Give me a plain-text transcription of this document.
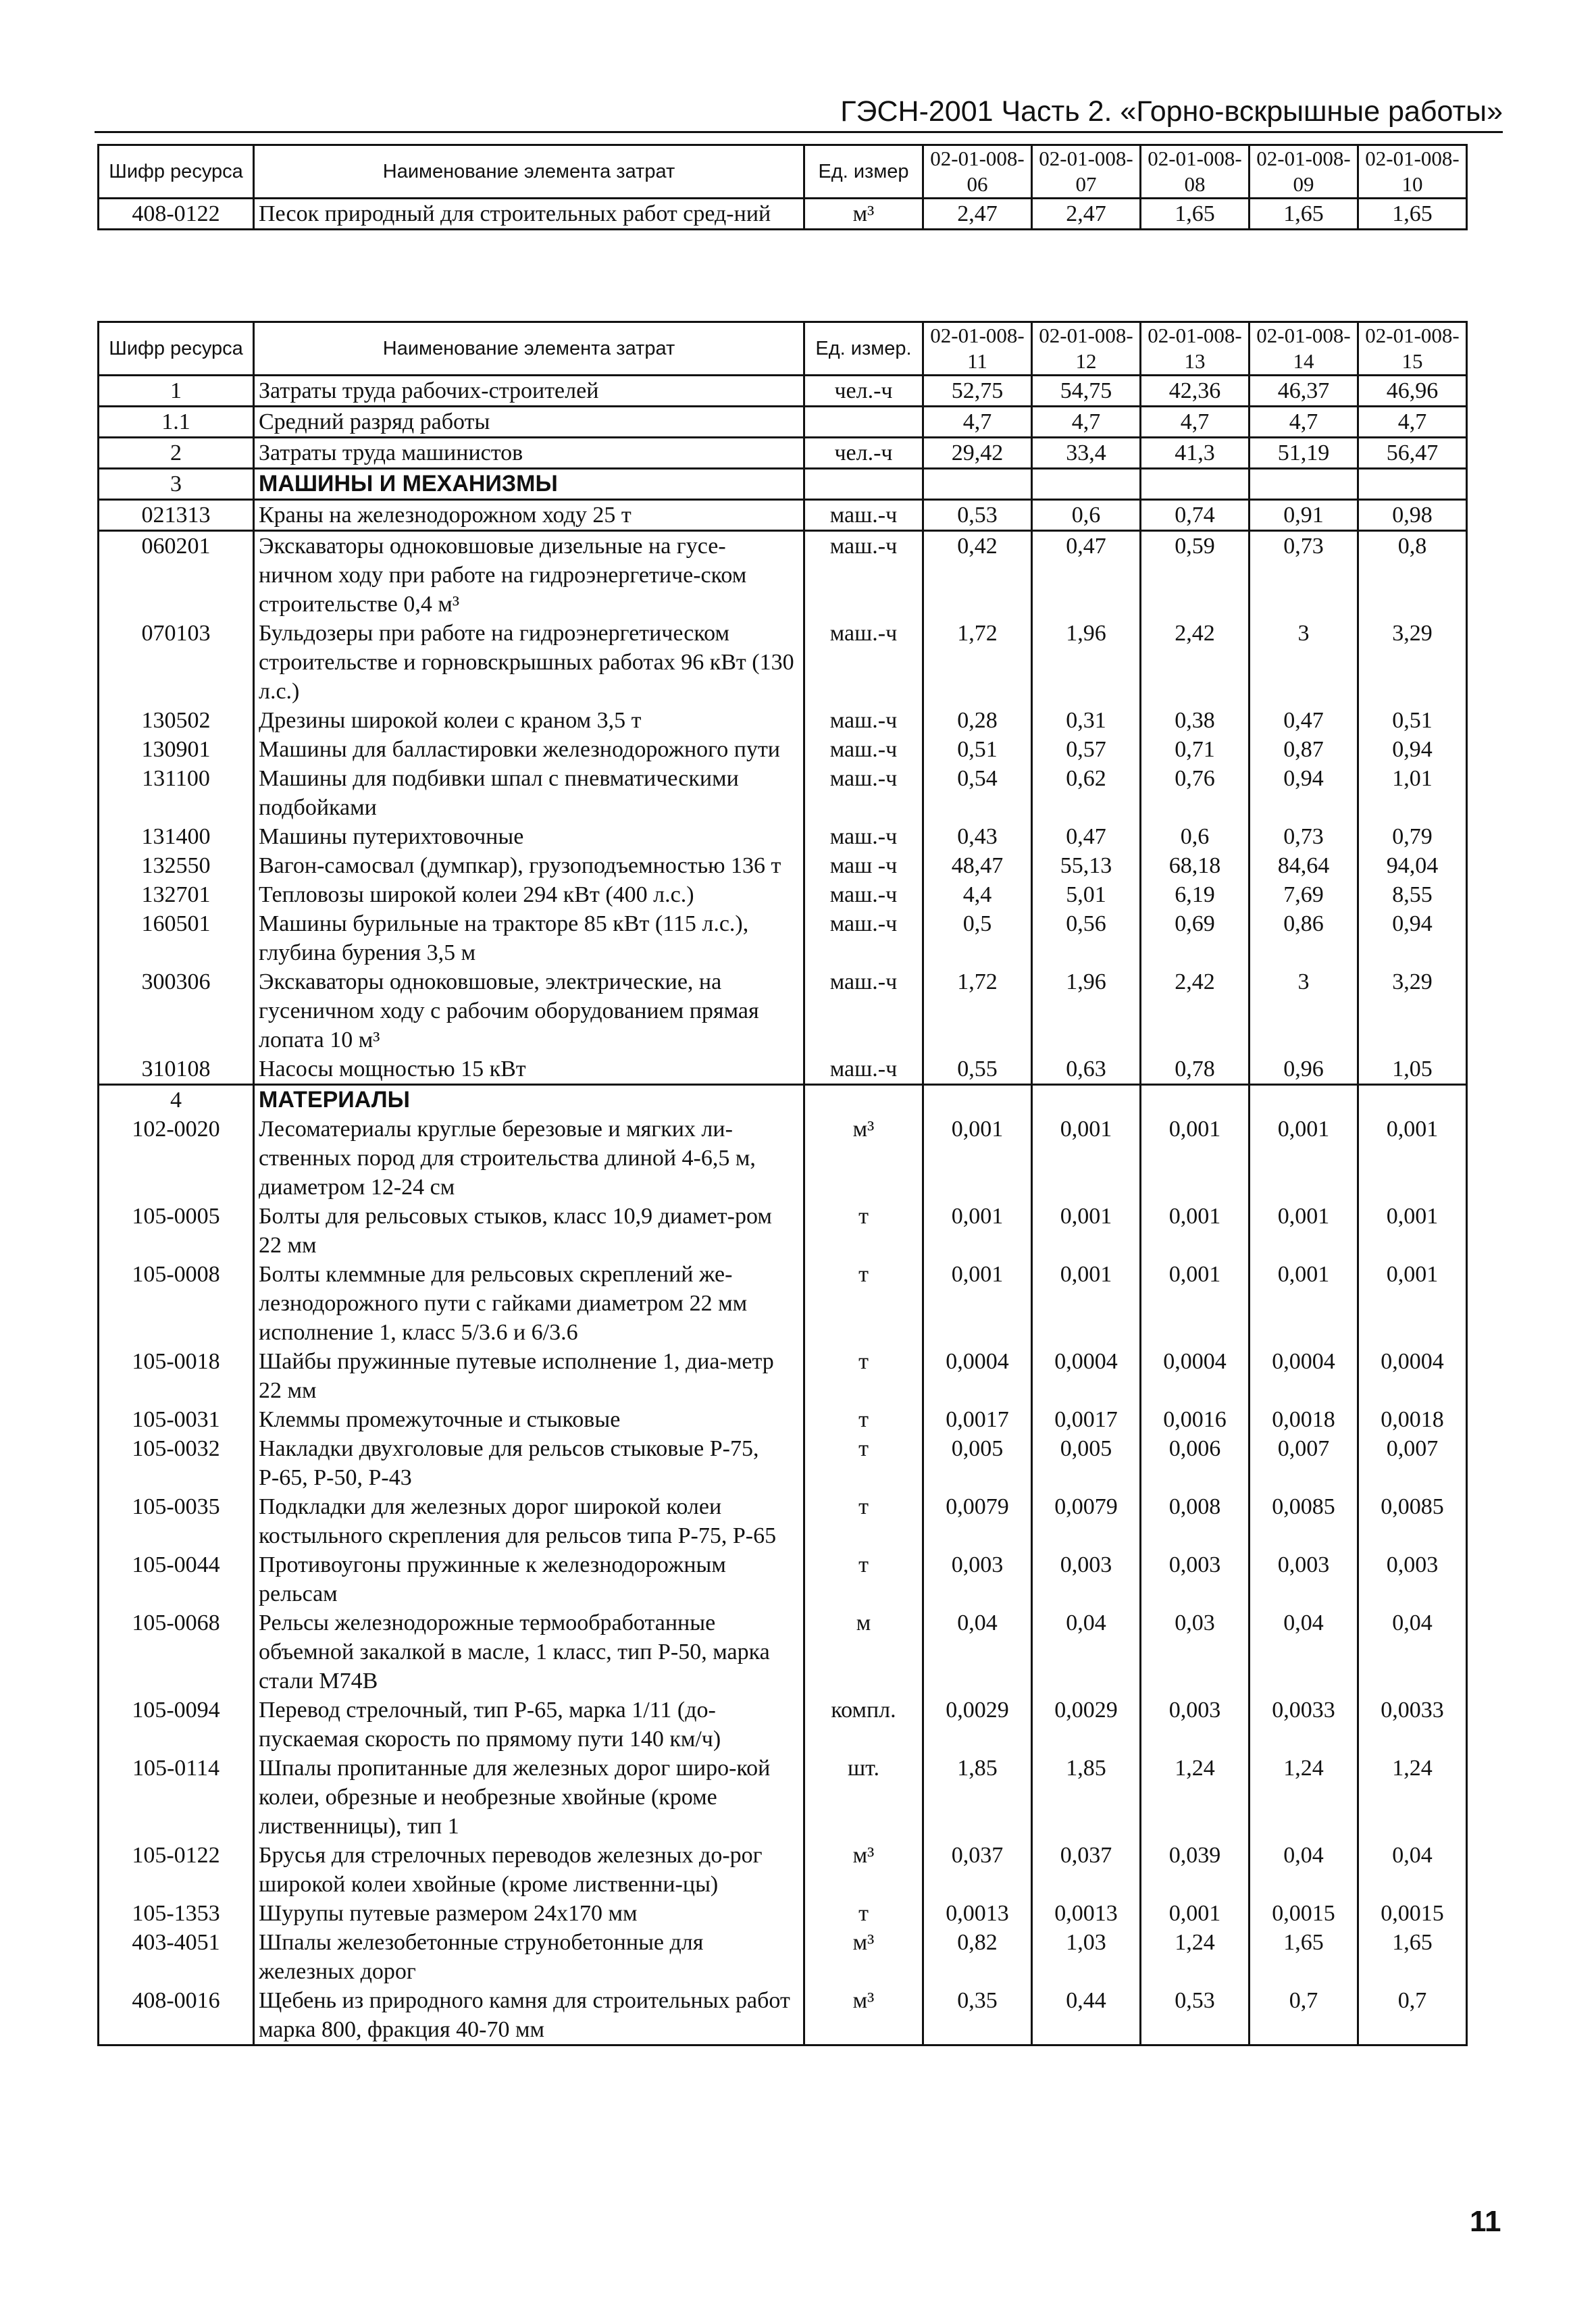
ГЭСН-2001 Часть 2. «Горно-вскрышные работы»
Шифр ресурса	Наименование элемента затрат	Ед. измер	02-01-008-06	02-01-008-07	02-01-008-08	02-01-008-09	02-01-008-10
408-0122	Песок природный для строительных работ сред-ний	м³	2,47	2,47	1,65	1,65	1,65
Шифр ресурса	Наименование элемента затрат	Ед. измер.	02-01-008-11	02-01-008-12	02-01-008-13	02-01-008-14	02-01-008-15
1	Затраты труда рабочих-строителей	чел.-ч	52,75	54,75	42,36	46,37	46,96
1.1	Средний разряд работы		4,7	4,7	4,7	4,7	4,7
2	Затраты труда машинистов	чел.-ч	29,42	33,4	41,3	51,19	56,47
3	МАШИНЫ И МЕХАНИЗМЫ						
021313	Краны на железнодорожном ходу 25 т	маш.-ч	0,53	0,6	0,74	0,91	0,98
060201	Экскаваторы одноковшовые дизельные на гусе-ничном ходу при работе на гидроэнергетиче-ском строительстве 0,4 м³	маш.-ч	0,42	0,47	0,59	0,73	0,8
070103	Бульдозеры при работе на гидроэнергетическом строительстве и горновскрышных работах 96 кВт (130 л.с.)	маш.-ч	1,72	1,96	2,42	3	3,29
130502	Дрезины широкой колеи с краном 3,5 т	маш.-ч	0,28	0,31	0,38	0,47	0,51
130901	Машины для балластировки железнодорожного пути	маш.-ч	0,51	0,57	0,71	0,87	0,94
131100	Машины для подбивки шпал с пневматическими подбойками	маш.-ч	0,54	0,62	0,76	0,94	1,01
131400	Машины путерихтовочные	маш.-ч	0,43	0,47	0,6	0,73	0,79
132550	Вагон-самосвал (думпкар), грузоподъемностью 136 т	маш -ч	48,47	55,13	68,18	84,64	94,04
132701	Тепловозы широкой колеи 294 кВт (400 л.с.)	маш.-ч	4,4	5,01	6,19	7,69	8,55
160501	Машины бурильные на тракторе 85 кВт (115 л.с.), глубина бурения 3,5 м	маш.-ч	0,5	0,56	0,69	0,86	0,94
300306	Экскаваторы одноковшовые, электрические, на гусеничном ходу с рабочим оборудованием прямая лопата 10 м³	маш.-ч	1,72	1,96	2,42	3	3,29
310108	Насосы мощностью 15 кВт	маш.-ч	0,55	0,63	0,78	0,96	1,05
4	МАТЕРИАЛЫ						
102-0020	Лесоматериалы круглые березовые и мягких ли-ственных пород для строительства длиной 4-6,5 м, диаметром 12-24 см	м³	0,001	0,001	0,001	0,001	0,001
105-0005	Болты для рельсовых стыков, класс 10,9 диамет-ром 22 мм	т	0,001	0,001	0,001	0,001	0,001
105-0008	Болты клеммные для рельсовых скреплений же-лезнодорожного пути с гайками диаметром 22 мм исполнение 1, класс 5/3.6 и 6/3.6	т	0,001	0,001	0,001	0,001	0,001
105-0018	Шайбы пружинные путевые исполнение 1, диа-метр 22 мм	т	0,0004	0,0004	0,0004	0,0004	0,0004
105-0031	Клеммы промежуточные и стыковые	т	0,0017	0,0017	0,0016	0,0018	0,0018
105-0032	Накладки двухголовые для рельсов стыковые Р-75, Р-65, Р-50, Р-43	т	0,005	0,005	0,006	0,007	0,007
105-0035	Подкладки для железных дорог широкой колеи костыльного скрепления для рельсов типа Р-75, Р-65	т	0,0079	0,0079	0,008	0,0085	0,0085
105-0044	Противоугоны пружинные к железнодорожным рельсам	т	0,003	0,003	0,003	0,003	0,003
105-0068	Рельсы железнодорожные термообработанные объемной закалкой в масле, 1 класс, тип Р-50, марка стали М74В	м	0,04	0,04	0,03	0,04	0,04
105-0094	Перевод стрелочный, тип Р-65, марка 1/11 (до-пускаемая скорость по прямому пути 140 км/ч)	компл.	0,0029	0,0029	0,003	0,0033	0,0033
105-0114	Шпалы пропитанные для железных дорог широ-кой колеи, обрезные и необрезные хвойные (кроме лиственницы), тип 1	шт.	1,85	1,85	1,24	1,24	1,24
105-0122	Брусья для стрелочных переводов железных до-рог широкой колеи хвойные (кроме лиственни-цы)	м³	0,037	0,037	0,039	0,04	0,04
105-1353	Шурупы путевые размером 24х170 мм	т	0,0013	0,0013	0,001	0,0015	0,0015
403-4051	Шпалы железобетонные струнобетонные для железных дорог	м³	0,82	1,03	1,24	1,65	1,65
408-0016	Щебень из природного камня для строительных работ марка 800, фракция 40-70 мм	м³	0,35	0,44	0,53	0,7	0,7
11
